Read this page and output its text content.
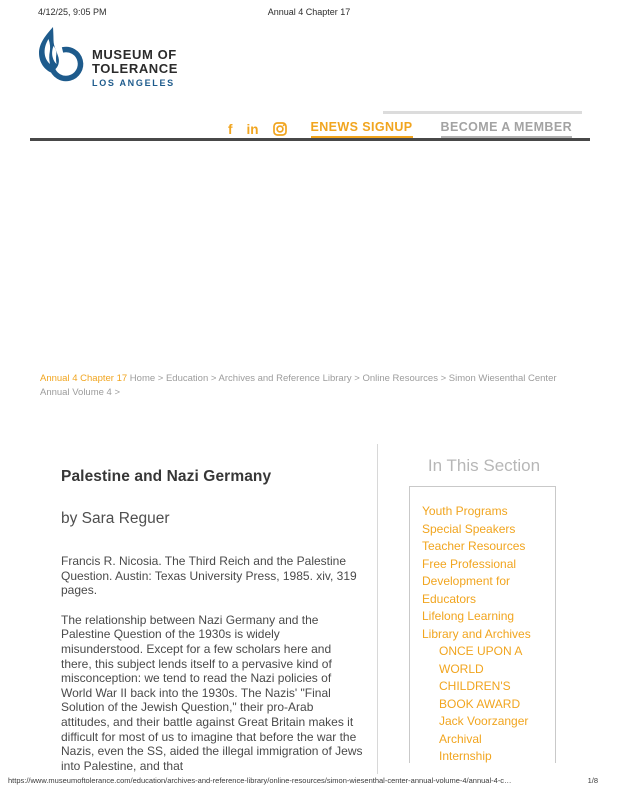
4/12/25, 9:05 PM	Annual 4 Chapter 17
MUSEUM OF
TOLERANCE
LOS ANGELES
f in	ENEWS SIGNUP BECOME A MEMBER

Annual 4 Chapter 17 Home > Education > Archives and Reference Library > Online Resources > Simon Wiesenthal Center Annual Volume 4 >

Palestine and Nazi Germany
by Sara Reguer

Francis R. Nicosia. The Third Reich and the Palestine Question. Austin: Texas University Press, 1985. xiv, 319 pages.

The relationship between Nazi Germany and the Palestine Question of the 1930s is widely misunderstood. Except for a few scholars here and there, this subject lends itself to a pervasive kind of misconception: we tend to read the Nazi policies of World War II back into the 1930s. The Nazis' "Final Solution of the Jewish Question," their pro-Arab attitudes, and their battle against Great Britain makes it difficult for most of us to imagine that before the war the Nazis, even the SS, aided the illegal immigration of Jews into Palestine, and that

In This Section
Youth Programs
Special Speakers
Teacher Resources
Free Professional Development for Educators
Lifelong Learning
Library and Archives
ONCE UPON A WORLD CHILDREN'S BOOK AWARD
Jack Voorzanger Archival Internship
https://www.museumoftolerance.com/education/archives-and-reference-library/online-resources/simon-wiesenthal-center-annual-volume-4/annual-4-c…	1/8
